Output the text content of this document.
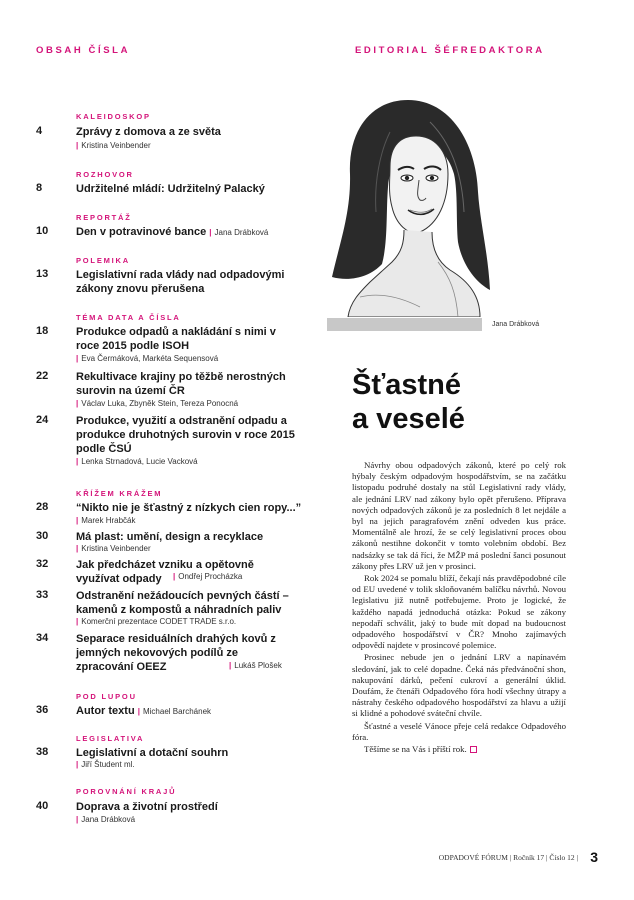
OBSAH ČÍSLA	EDITORIAL ŠÉFREDAKTORA
KALEIDOSKOP
4	Zprávy z domova a ze světa
| Kristina Veinbender
ROZHOVOR
8	Udržitelné mládí: Udržitelný Palacký
REPORTÁŽ
10	Den v potravinové bance | Jana Drábková
POLEMIKA
13	Legislativní rada vlády nad odpadovými zákony znovu přerušena
TÉMA DATA A ČÍSLA
18	Produkce odpadů a nakládání s nimi v roce 2015 podle ISOH
| Eva Čermáková, Markéta Sequensová
22	Rekultivace krajiny po těžbě nerostných surovin na území ČR
| Václav Luka, Zbyněk Stein, Tereza Ponocná
24	Produkce, využití a odstranění odpadu a produkce druhotných surovin v roce 2015 podle ČSÚ
| Lenka Strnadová, Lucie Vacková
KŘÍŽEM KRÁŽEM
28	“Nikto nie je šťastný z nízkych cien ropy...”
| Marek Hrabčák
30	Má plast: umění, design a recyklace
| Kristina Veinbender
32	Jak předcházet vzniku a opětovně využívat odpady	| Ondřej Procházka
33	Odstranění nežádoucích pevných částí – kamenů z kompostů a náhradních paliv
| Komerční prezentace CODET TRADE s.r.o.
34	Separace residuálních drahých kovů z jemných nekovových podílů ze zpracování OEEZ	| Lukáš Plošek
POD LUPOU
36	Autor textu | Michael Barchánek
LEGISLATIVA
38	Legislativní a dotační souhrn
| Jiří Študent ml.
POROVNÁNÍ KRAJŮ
40	Doprava a životní prostředí
| Jana Drábková
Jana Drábková
Šťastné
a veselé

Návrhy obou odpadových zákonů, které po celý rok hýbaly českým odpadovým hospodářstvím, se na začátku listopadu podruhé dostaly na stůl Legislativní rady vlády, ale jednání LRV nad zákony bylo opět přerušeno. Příprava nových odpadových zákonů je za posledních 8 let nejdále a byl na jejich paragrafovém znění odveden kus práce. Momentálně ale hrozí, že se celý legislativní proces obou zákonů nestihne dokončit v tomto volebním období. Bez nadsázky se tak dá říci, že MŽP má poslední šanci posunout zákony přes LRV už jen v prosinci.

Rok 2024 se pomalu blíží, čekají nás pravděpodobné cíle od EU uvedené v tolik skloňovaném balíčku návrhů. Novou legislativu již nutně potřebujeme. Proto je logické, že každého napadá jednoduchá otázka: Pokud se zákony nepodaří schválit, jaký to bude mít dopad na budoucnost odpadového hospodářství v ČR? Mnoho zajímavých odpovědí najdete v prosincové polemice.

Prosinec nebude jen o jednání LRV a napínavém sledování, jak to celé dopadne. Čeká nás předvánoční shon, nakupování dárků, pečení cukroví a generální úklid. Doufám, že čtenáři Odpadového fóra hodí všechny útrapy a nástrahy českého odpadového hospodářství za hlavu a užijí si klidné a pohodové sváteční chvíle.

Šťastné a veselé Vánoce přeje celá redakce Odpadového fóra.

Těšíme se na Vás i příští rok.

ODPADOVÉ FÓRUM | Ročník 17 | Číslo 12 | 3
